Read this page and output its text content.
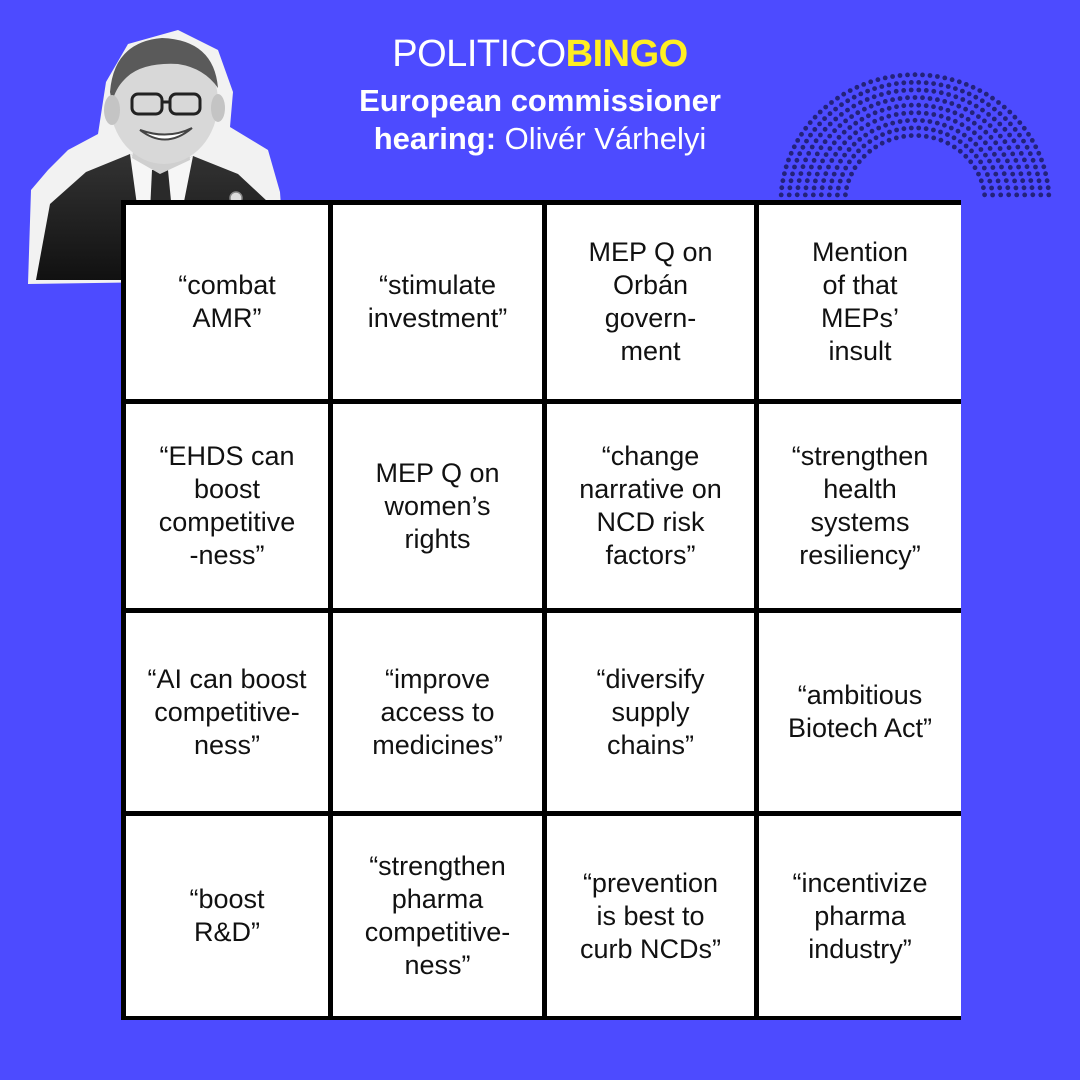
POLITICOBINGO
European commissioner
hearing: Olivér Várhelyi
“combat
AMR”
“stimulate
investment”
MEP Q on
Orbán
govern-
ment
Mention
of that
MEPs’
insult
“EHDS can
boost
competitive
-ness”
MEP Q on
women’s
rights
“change
narrative on
NCD risk
factors”
“strengthen
health
systems
resiliency”
“AI can boost
competitive-
ness”
“improve
access to
medicines”
“diversify
supply
chains”
“ambitious
Biotech Act”
“boost
R&D”
“strengthen
pharma
competitive-
ness”
“prevention
is best to
curb NCDs”
“incentivize
pharma
industry”
